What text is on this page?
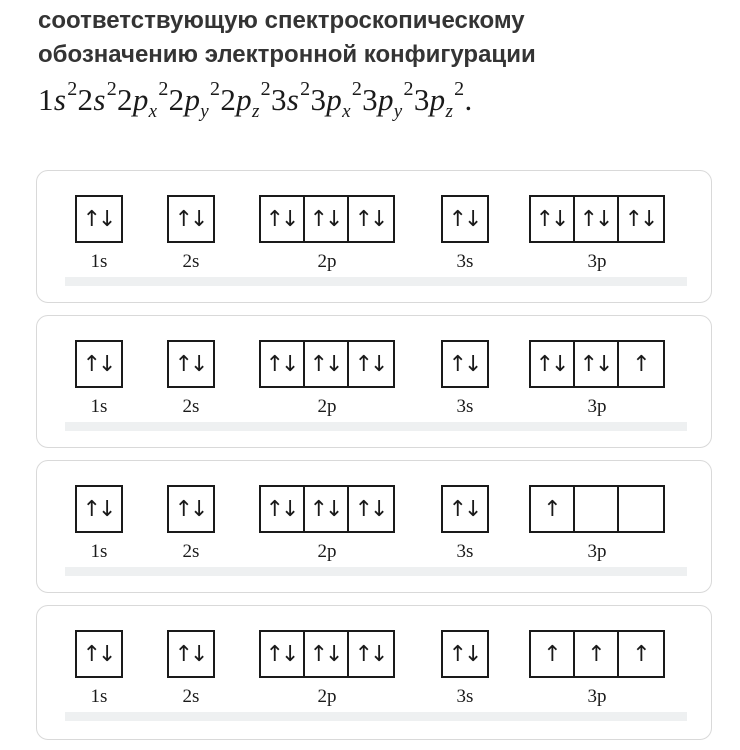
соответствующую спектроскопическому
обозначению электронной конфигурации
$1s^22s^22p_x^22p_y^22p_z^23s^23p_x^23p_y^23p_z^2$.
↑↓
1s
↑↓
2s
↑↓ ↑↓ ↑↓
2p
↑↓
3s
↑↓ ↑↓ ↑↓
3p
↑↓
1s
↑↓
2s
↑↓ ↑↓ ↑↓
2p
↑↓
3s
↑↓ ↑↓ ↑
3p
↑↓
1s
↑↓
2s
↑↓ ↑↓ ↑↓
2p
↑↓
3s
↑
3p
↑↓
1s
↑↓
2s
↑↓ ↑↓ ↑↓
2p
↑↓
3s
↑	↑	↑
3p
